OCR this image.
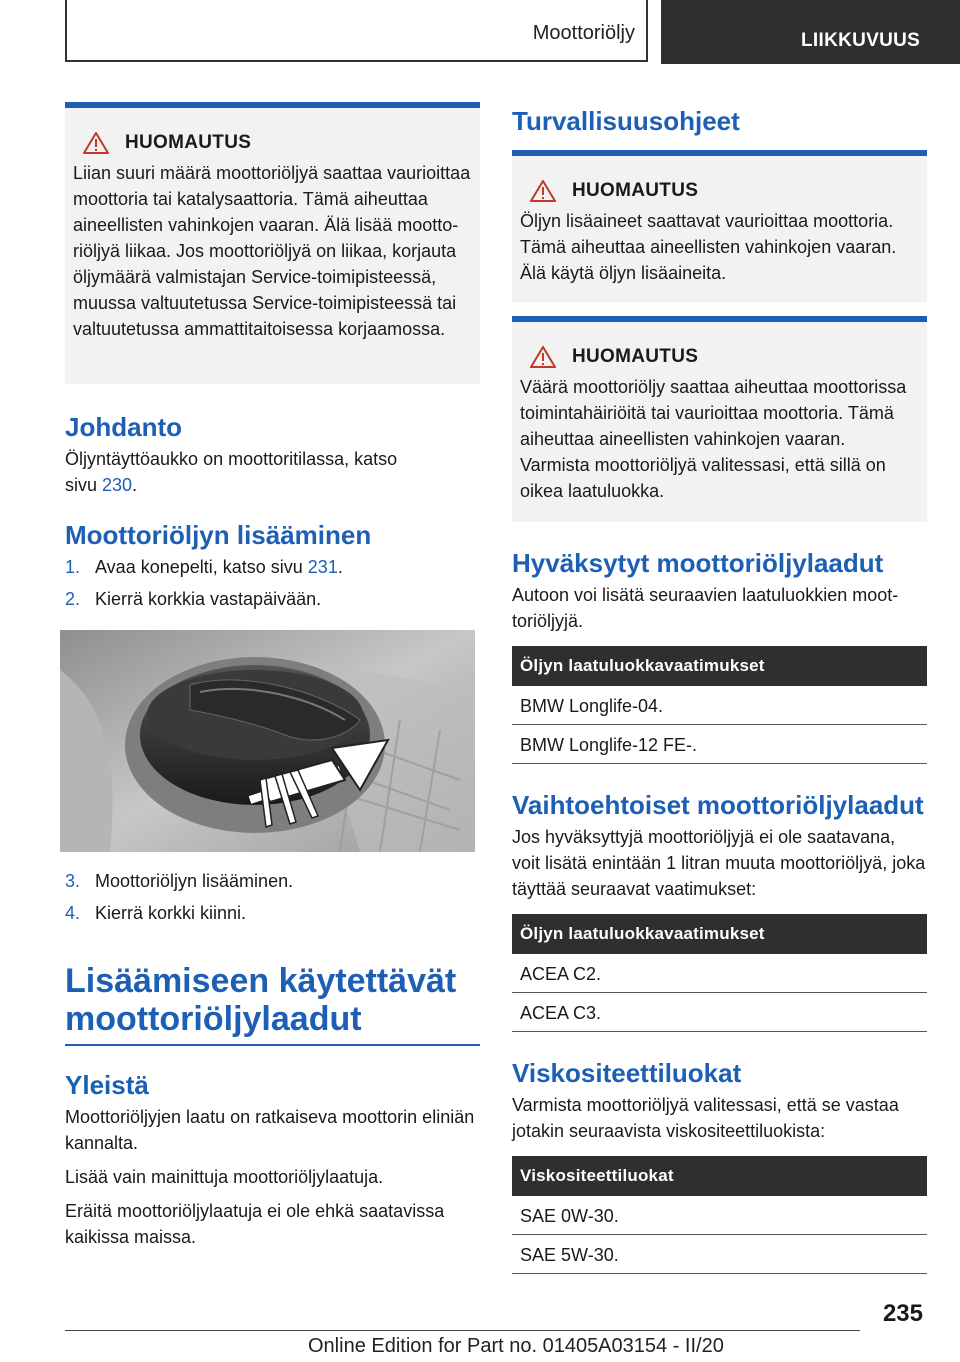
Moottoriöljy	LIIKKUVUUS
HUOMAUTUS
Liian suuri määrä moottoriöljyä saattaa vaurioittaa moottoria tai katalysaattoria. Tämä aiheuttaa aineellisten vahinkojen vaaran. Älä lisää moottoriöljyä liikaa. Jos moottoriöljyä on liikaa, korjauta öljymäärä valmistajan Service-toimipisteessä, muussa valtuutetussa Service-toimipisteessä tai valtuutetussa ammattitaitoisessa korjaamossa.
Johdanto

Öljyntäyttöaukko on moottoritilassa, katso sivu 230.

Moottoriöljyn lisääminen
1. Avaa konepelti, katso sivu 231.
2. Kierrä korkkia vastapäivään.
3. Moottoriöljyn lisääminen.
4. Kierrä korkki kiinni.
Lisäämiseen käytettävät moottoriöljylaadut
Yleistä

Moottoriöljyjen laatu on ratkaiseva moottorin eliniän kannalta.

Lisää vain mainittuja moottoriöljylaatuja.

Eräitä moottoriöljylaatuja ei ole ehkä saatavissa kaikissa maissa.

Turvallisuusohjeet
HUOMAUTUS
Öljyn lisäaineet saattavat vaurioittaa moottoria. Tämä aiheuttaa aineellisten vahinkojen vaaran. Älä käytä öljyn lisäaineita.
HUOMAUTUS
Väärä moottoriöljy saattaa aiheuttaa moottorissa toimintahäiriöitä tai vaurioittaa moottoria. Tämä aiheuttaa aineellisten vahinkojen vaaran. Varmista moottoriöljyä valitessasi, että sillä on oikea laatuluokka.
Hyväksytyt moottoriöljylaadut

Autoon voi lisätä seuraavien laatuluokkien moottoriöljyjä.

Öljyn laatuluokkavaatimukset
BMW Longlife-04.
BMW Longlife-12 FE-.
Vaihtoehtoiset moottoriöljylaadut

Jos hyväksyttyjä moottoriöljyjä ei ole saatavana, voit lisätä enintään 1 litran muuta moottoriöljyä, joka täyttää seuraavat vaatimukset:

Öljyn laatuluokkavaatimukset
ACEA C2.
ACEA C3.
Viskositeettiluokat

Varmista moottoriöljyä valitessasi, että se vastaa jotakin seuraavista viskositeettiluokista:

Viskositeettiluokat
SAE 0W-30.
SAE 5W-30.
235
Online Edition for Part no. 01405A03154 - II/20
